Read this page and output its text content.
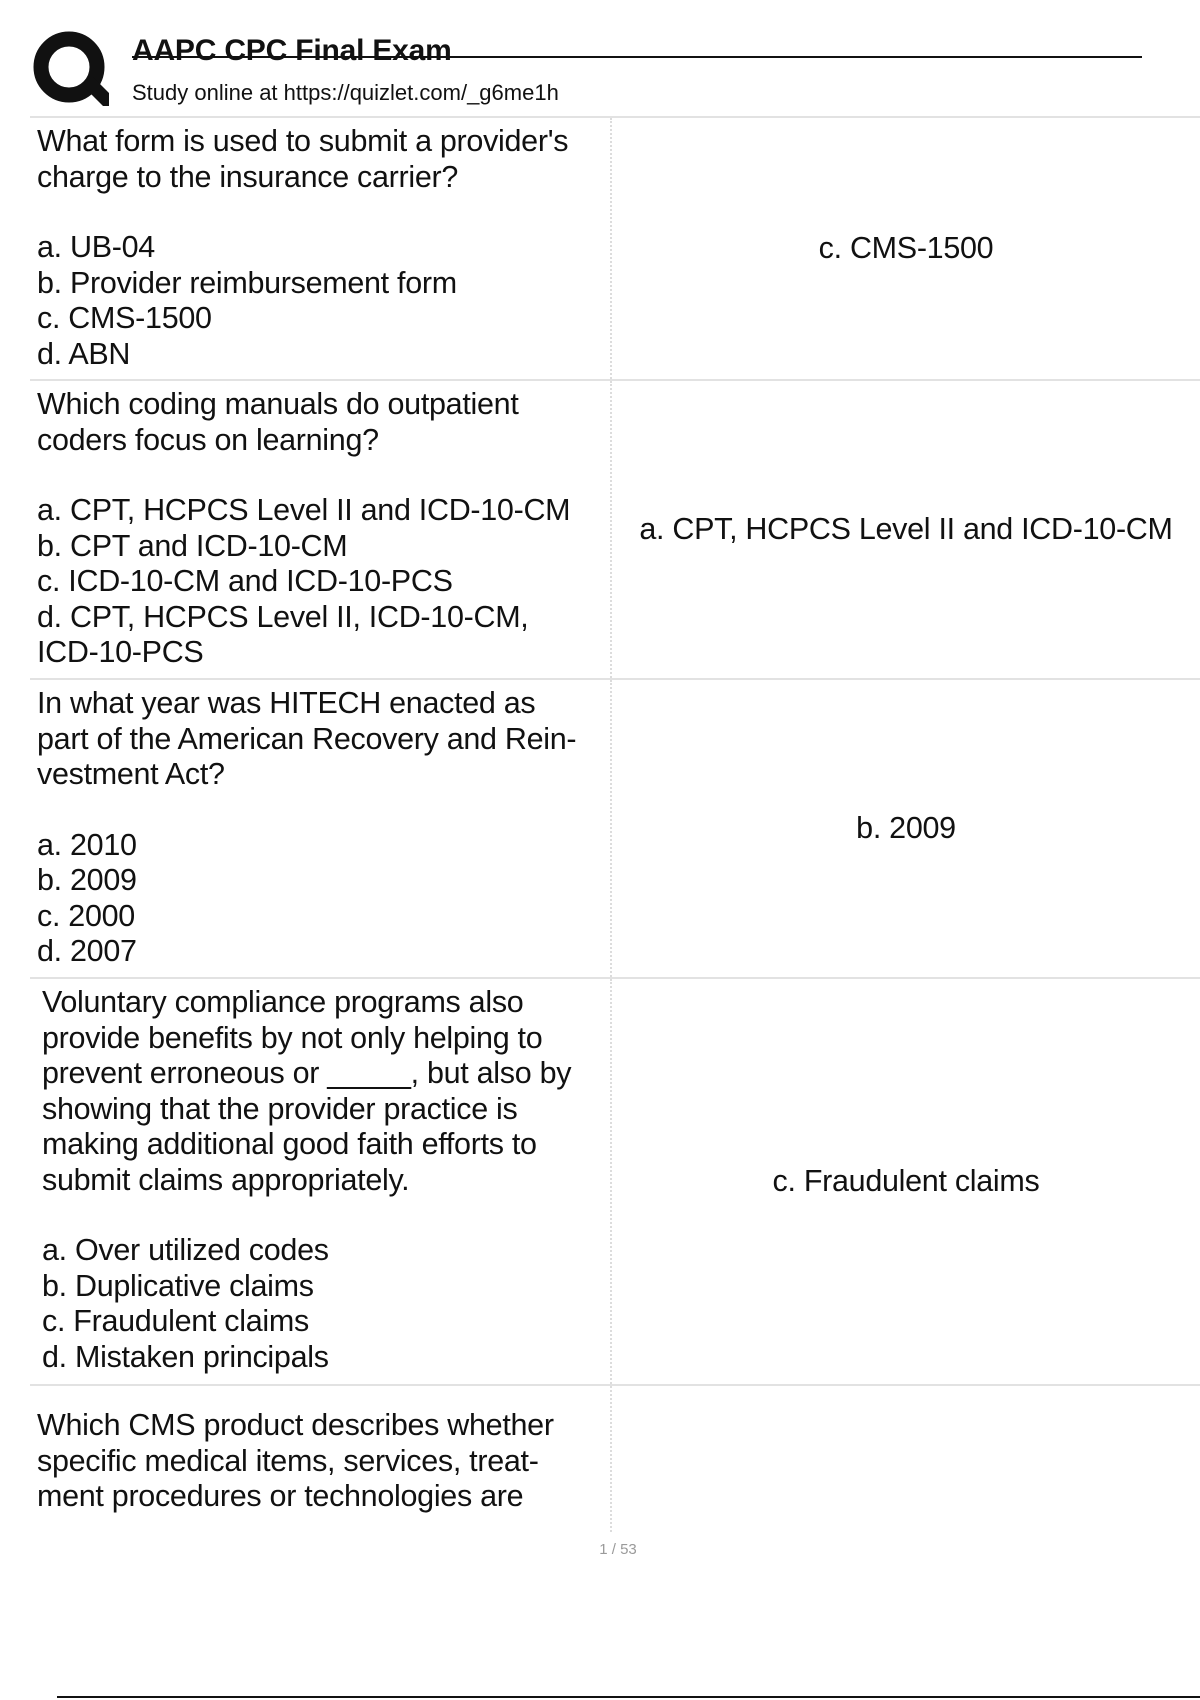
AAPC CPC Final Exam
Study online at https://quizlet.com/_g6me1h

What form is used to submit a provider's
charge to the insurance carrier?

a. UB-04

b. Provider reimbursement form

c. CMS-1500

d. ABN

c. CMS-1500

Which coding manuals do outpatient
coders focus on learning?

a. CPT, HCPCS Level II and ICD-10-CM

b. CPT and ICD-10-CM

c. ICD-10-CM and ICD-10-PCS

d. CPT, HCPCS Level II, ICD-10-CM,
ICD-10-PCS

a. CPT, HCPCS Level II and ICD-10-CM

In what year was HITECH enacted as
part of the American Recovery and Rein-
vestment Act?

a. 2010

b. 2009

c. 2000

d. 2007

b. 2009

Voluntary compliance programs also
provide benefits by not only helping to
prevent erroneous or _____, but also by
showing that the provider practice is
making additional good faith efforts to
submit claims appropriately.

a. Over utilized codes

b. Duplicative claims

c. Fraudulent claims

d. Mistaken principals

c. Fraudulent claims

Which CMS product describes whether
specific medical items, services, treat-
ment procedures or technologies are

1 / 53
